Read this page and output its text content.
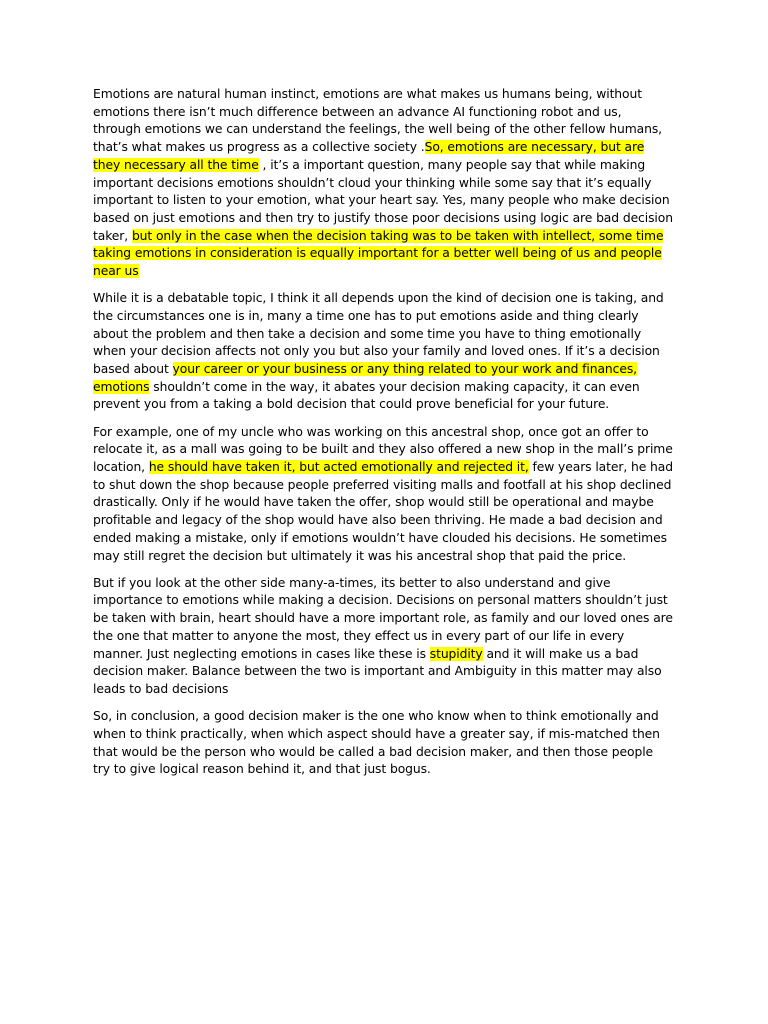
Emotions are natural human instinct, emotions are what makes us humans being, without emotions there isn’t much difference between an advance AI functioning robot and us, through emotions we can understand the feelings, the well being of the other fellow humans, that’s what makes us progress as a collective society .So, emotions are necessary, but are they necessary all the time , it’s a important question, many people say that while making important decisions emotions shouldn’t cloud your thinking while some say that it’s equally important to listen to your emotion, what your heart say. Yes, many people who make decision based on just emotions and then try to justify those poor decisions using logic are bad decision taker, but only in the case when the decision taking was to be taken with intellect, some time taking emotions in consideration is equally important for a better well being of us and people near us

While it is a debatable topic, I think it all depends upon the kind of decision one is taking, and the circumstances one is in, many a time one has to put emotions aside and thing clearly about the problem and then take a decision and some time you have to thing emotionally when your decision affects not only you but also your family and loved ones. If it’s a decision based about your career or your business or any thing related to your work and finances, emotions shouldn’t come in the way, it abates your decision making capacity, it can even prevent you from a taking a bold decision that could prove beneficial for your future.

For example, one of my uncle who was working on this ancestral shop, once got an offer to relocate it, as a mall was going to be built and they also offered a new shop in the mall’s prime location, he should have taken it, but acted emotionally and rejected it, few years later, he had to shut down the shop because people preferred visiting malls and footfall at his shop declined drastically. Only if he would have taken the offer, shop would still be operational and maybe profitable and legacy of the shop would have also been thriving. He made a bad decision and ended making a mistake, only if emotions wouldn’t have clouded his decisions. He sometimes may still regret the decision but ultimately it was his ancestral shop that paid the price.

But if you look at the other side many-a-times, its better to also understand and give importance to emotions while making a decision. Decisions on personal matters shouldn’t just be taken with brain, heart should have a more important role, as family and our loved ones are the one that matter to anyone the most, they effect us in every part of our life in every manner. Just neglecting emotions in cases like these is stupidity and it will make us a bad decision maker. Balance between the two is important and Ambiguity in this matter may also leads to bad decisions

So, in conclusion, a good decision maker is the one who know when to think emotionally and when to think practically, when which aspect should have a greater say, if mis-matched then that would be the person who would be called a bad decision maker, and then those people try to give logical reason behind it, and that just bogus.
